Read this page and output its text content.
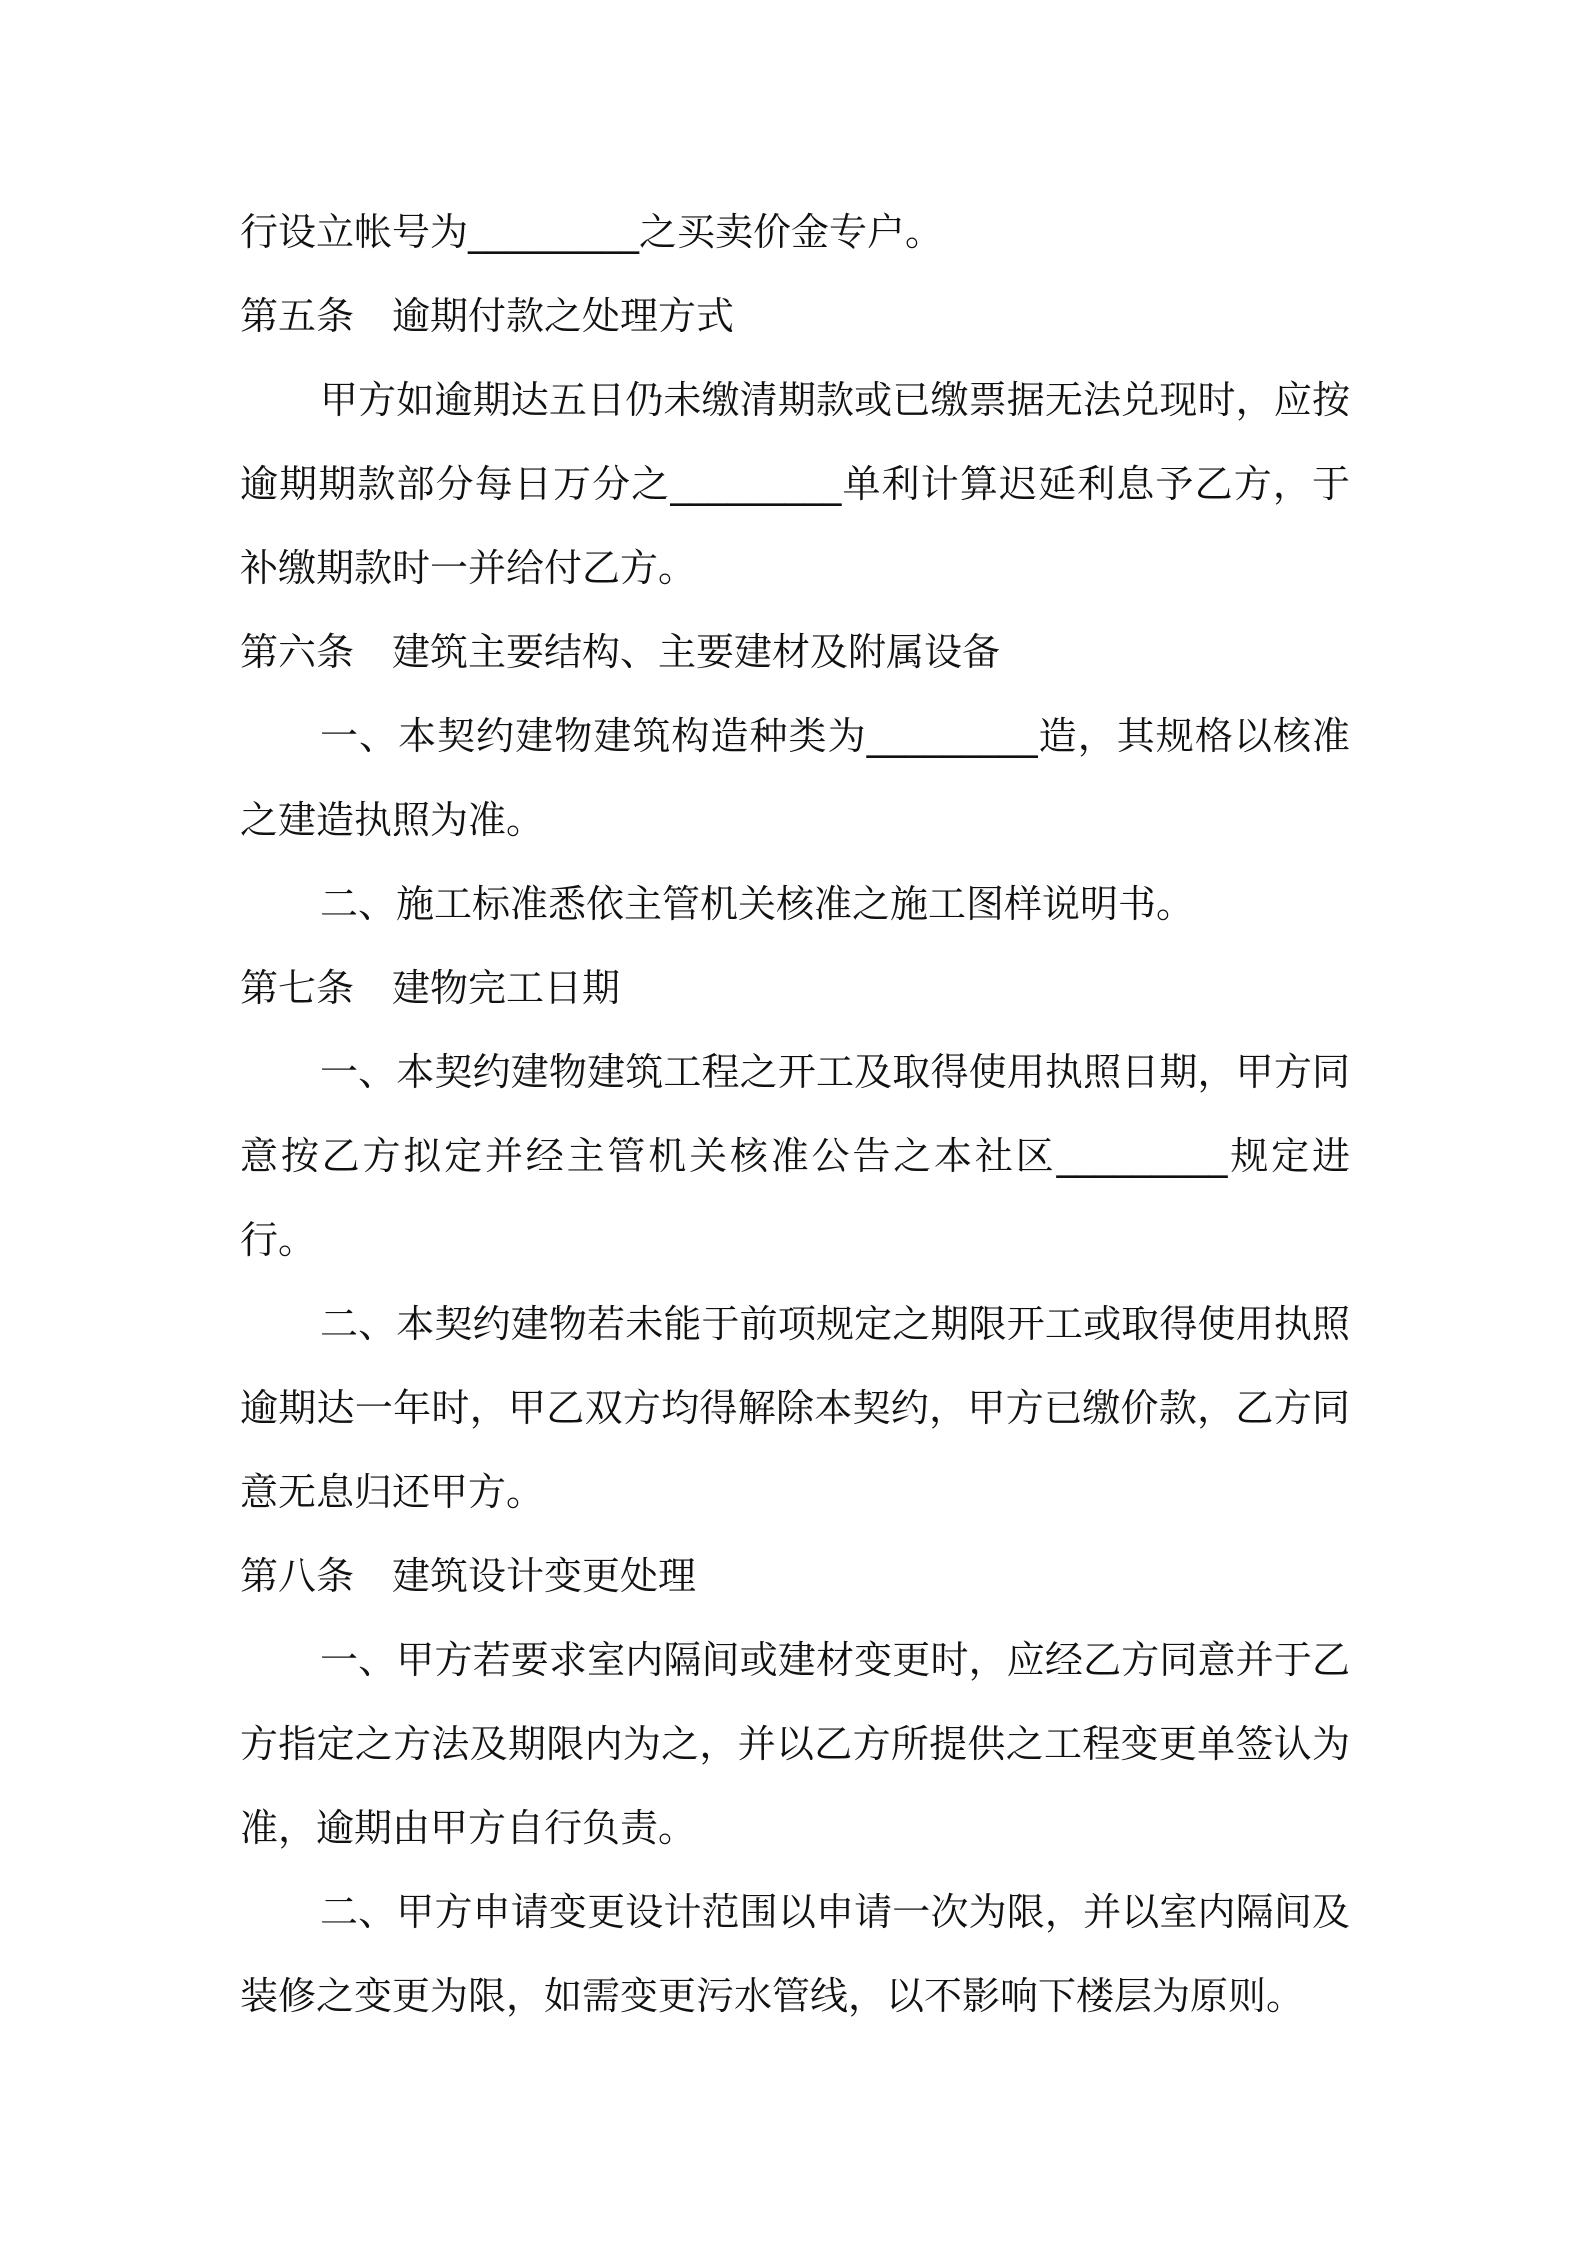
行设立帐号为_________之买卖价金专户。

第五条　逾期付款之处理方式

甲方如逾期达五日仍未缴清期款或已缴票据无法兑现时，应按逾期期款部分每日万分之_________单利计算迟延利息予乙方，于补缴期款时一并给付乙方。

第六条　建筑主要结构、主要建材及附属设备

一、本契约建物建筑构造种类为_________造，其规格以核准之建造执照为准。

二、施工标准悉依主管机关核准之施工图样说明书。

第七条　建物完工日期

一、本契约建物建筑工程之开工及取得使用执照日期，甲方同意按乙方拟定并经主管机关核准公告之本社区_________规定进行。

二、本契约建物若未能于前项规定之期限开工或取得使用执照逾期达一年时，甲乙双方均得解除本契约，甲方已缴价款，乙方同意无息归还甲方。

第八条　建筑设计变更处理

一、甲方若要求室内隔间或建材变更时，应经乙方同意并于乙方指定之方法及期限内为之，并以乙方所提供之工程变更单签认为准，逾期由甲方自行负责。

二、甲方申请变更设计范围以申请一次为限，并以室内隔间及装修之变更为限，如需变更污水管线，以不影响下楼层为原则。
